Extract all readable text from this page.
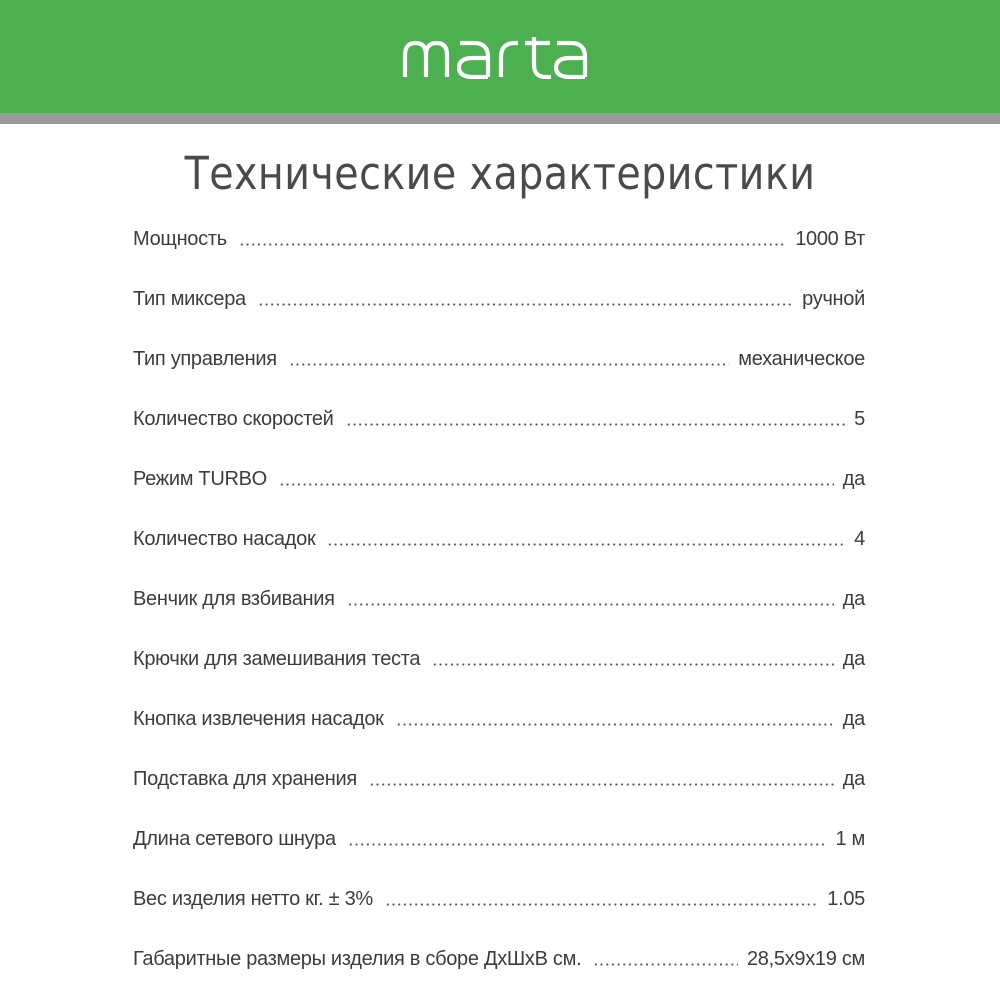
Технические характеристики
Мощность	1000 Вт
Тип миксера	ручной
Тип управления	механическое
Количество скоростей	5
Режим TURBO	да
Количество насадок	4
Венчик для взбивания	да
Крючки для замешивания теста	да
Кнопка извлечения насадок	да
Подставка для хранения	да
Длина сетевого шнура	1 м
Вес изделия нетто кг. ± 3%	1.05
Габаритные размеры изделия в сборе ДхШхВ см.	28,5х9х19 см
